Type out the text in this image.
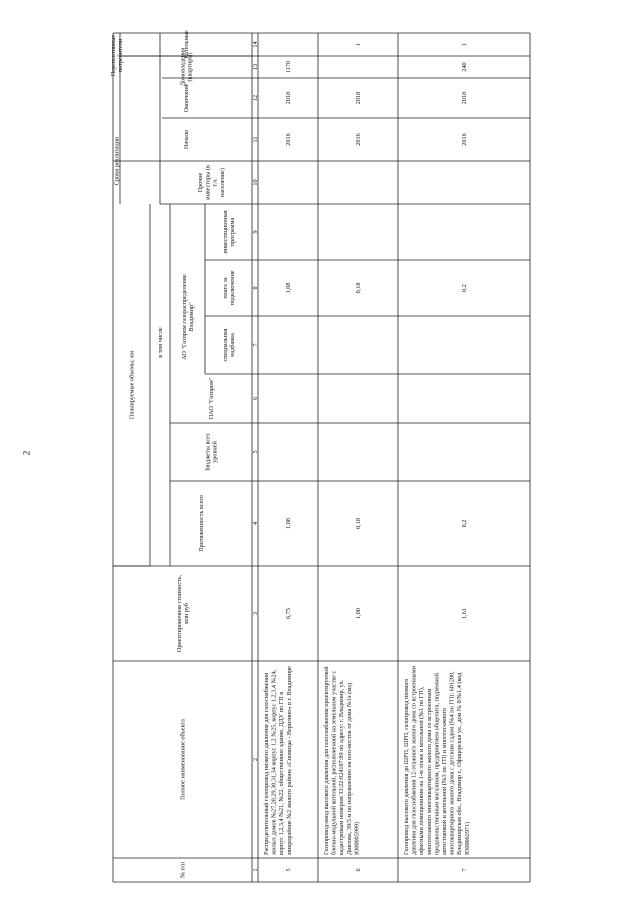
2
№ п/п
Полное наименование объекта
Ориентировочная стоимость,млн руб
Планируемые объемы, км
Протяженность всего
в том числе
Бюджеты всехуровней
ПАО "Газпром"
АО "Газпром газораспределениеВладимир"
специальнаянадбавка
плата заподключение
инвестиционнаяпрограмма
Прочиеинвесторы (вт.ч.население)
Сроки реализации	Начало
Окончание
Перспективныепотребители	Домовладения(квартиры)
Котельные
1
2
3
4
5
6
7
8
9
10
11
12
13
14
5
Распределительный газопровод низкого давления для газоснабженияжилых домов №27,28,29,30,31,34 корпус 1,2 №25, корпус 1,2,3,4 №24,корпус 1,2,3,4 №21, №22, общественное здание, ДДУ по ГП вмикрорайоне №2 жилого района «Сновицы - Веризино» в г. Владимире
6,75
1,08
1,08
2016
2018
1170
6
Газопровод-ввод высокого давления для газоснабжения проектируемойблочно-модульной котельной, расположенной на земельном участке скадастровым номером 33:22:024187:89 по адресу: г. Владимир, ул.Диктова, 39/3 м по направлению на юго-восток от дома №1а (кодЮ00005999)
1,00
0,18
0,18
2016
2018
1
7
Газопровод высокого давления до ШРП, ШРП, газопровод низкогодавления для газоснабжения 12-этажного жилого дома со встроеннымиофисными помещениями на 1-м этаже и котельной (№1 по ГП),многоэтажного многоквартирного жилого дома со встроеннымпродовольственным магазином, предприятием общепита, подземнойавтостоянкой и котельной (№3 по ГП) и многоэтажногомногоквартирного жилого дома с детским садом (№4 по ГП): 601280,Владимирская обл., Владимир г., Офицерская ул., дом № 8/№1,4 (кодЮ00002971)
1,61
0,2
0,2
2016
2018
240
1
